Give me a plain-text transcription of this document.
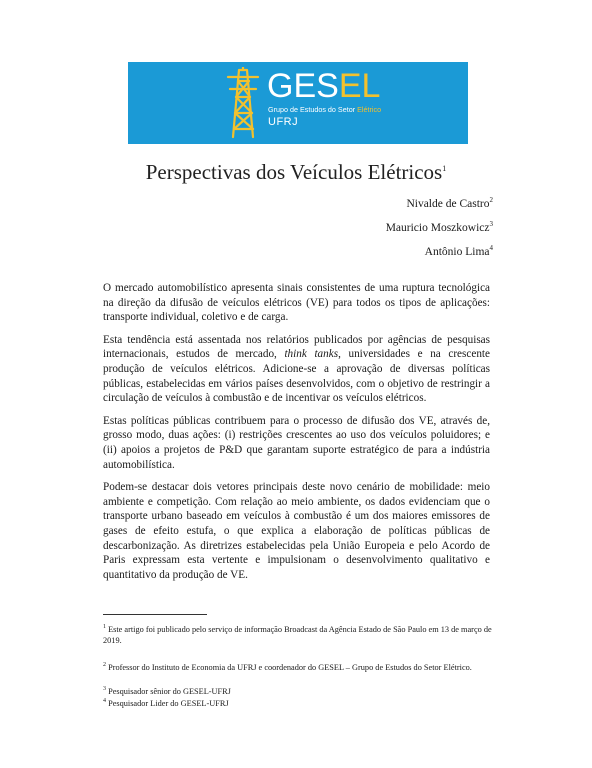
GESEL
Grupo de Estudos do Setor Elétrico
UFRJ
Perspectivas dos Veículos Elétricos$^1$
Nivalde de Castro$^2$
Mauricio Moszkowicz$^3$
Antônio Lima$^4$

O mercado automobilístico apresenta sinais consistentes de uma ruptura tecnológica na direção da difusão de veículos elétricos (VE) para todos os tipos de aplicações: transporte individual, coletivo e de carga.

Esta tendência está assentada nos relatórios publicados por agências de pesquisas internacionais, estudos de mercado, think tanks, universidades e na crescente produção de veículos elétricos. Adicione-se a aprovação de diversas políticas públicas, estabelecidas em vários países desenvolvidos, com o objetivo de restringir a circulação de veículos à combustão e de incentivar os veículos elétricos.

Estas políticas públicas contribuem para o processo de difusão dos VE, através de, grosso modo, duas ações: (i) restrições crescentes ao uso dos veículos poluidores; e (ii) apoios a projetos de P&D que garantam suporte estratégico de para a indústria automobilística.

Podem-se destacar dois vetores principais deste novo cenário de mobilidade: meio ambiente e competição. Com relação ao meio ambiente, os dados evidenciam que o transporte urbano baseado em veículos à combustão é um dos maiores emissores de gases de efeito estufa, o que explica a elaboração de políticas públicas de descarbonização. As diretrizes estabelecidas pela União Europeia e pelo Acordo de Paris expressam esta vertente e impulsionam o desenvolvimento qualitativo e quantitativo da produção de VE.

$^1$ Este artigo foi publicado pelo serviço de informação Broadcast da Agência Estado de São Paulo em 13 de março de 2019.
$^2$ Professor do Instituto de Economia da UFRJ e coordenador do GESEL – Grupo de Estudos do Setor Elétrico.
$^3$ Pesquisador sênior do GESEL-UFRJ
$^4$ Pesquisador Lider do GESEL-UFRJ
